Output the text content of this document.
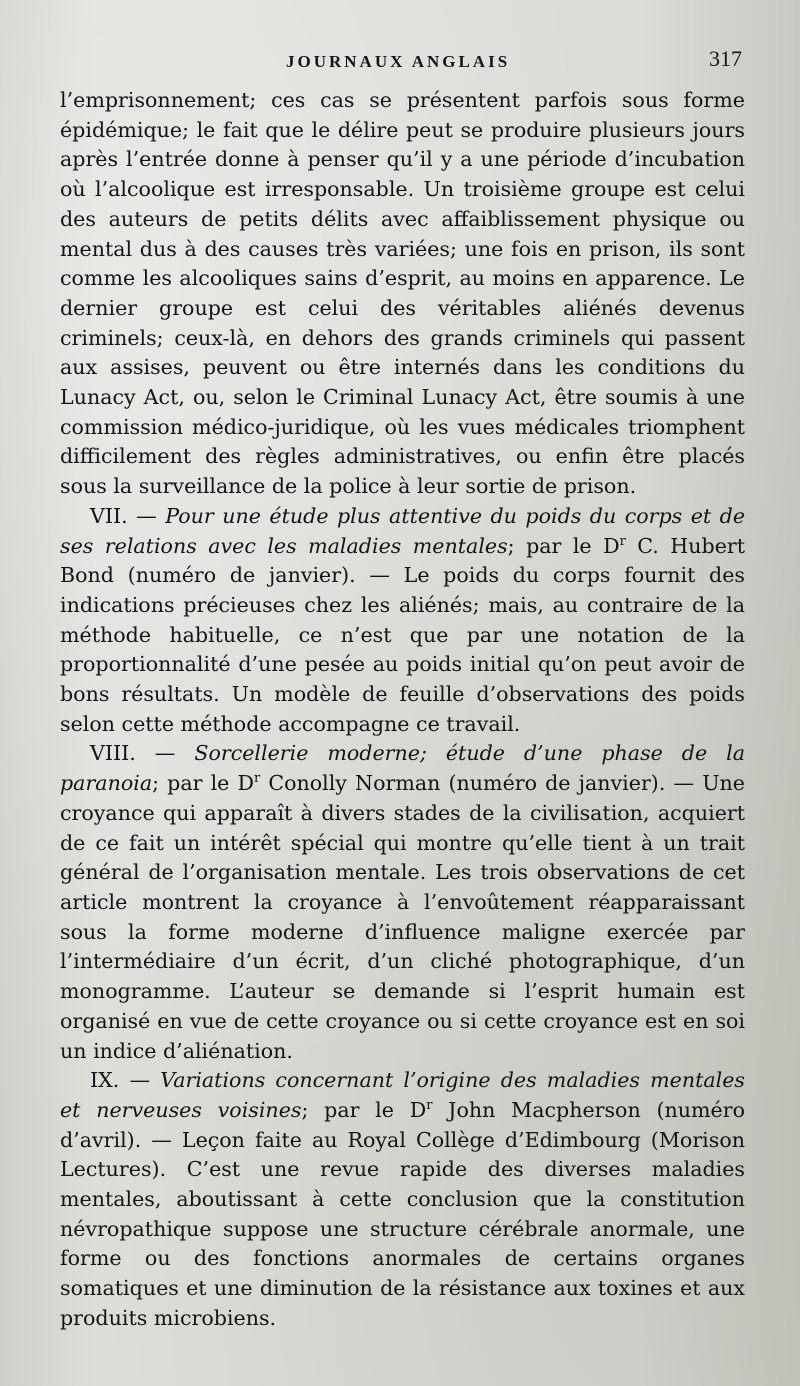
JOURNAUX ANGLAIS	317

l’emprisonnement; ces cas se présentent parfois sous forme épidémique; le fait que le délire peut se produire plusieurs jours après l’entrée donne à penser qu’il y a une période d’incubation où l’alcoolique est irresponsable. Un troisième groupe est celui des auteurs de petits délits avec affaiblissement physique ou mental dus à des causes très variées; une fois en prison, ils sont comme les alcooliques sains d’esprit, au moins en apparence. Le dernier groupe est celui des véritables aliénés devenus criminels; ceux-là, en dehors des grands criminels qui passent aux assises, peuvent ou être internés dans les conditions du Lunacy Act, ou, selon le Criminal Lunacy Act, être soumis à une commission médico-juridique, où les vues médicales triomphent difficilement des règles administratives, ou enfin être placés sous la surveillance de la police à leur sortie de prison.

VII. — Pour une étude plus attentive du poids du corps et de ses relations avec les maladies mentales; par le $D^r$ C. Hubert Bond (numéro de janvier). — Le poids du corps fournit des indications précieuses chez les aliénés; mais, au contraire de la méthode habituelle, ce n’est que par une notation de la proportionnalité d’une pesée au poids initial qu’on peut avoir de bons résultats. Un modèle de feuille d’observations des poids selon cette méthode accompagne ce travail.

VIII. — Sorcellerie moderne; étude d’une phase de la paranoia; par le $D^r$ Conolly Norman (numéro de janvier). — Une croyance qui apparaît à divers stades de la civilisation, acquiert de ce fait un intérêt spécial qui montre qu’elle tient à un trait général de l’organisation mentale. Les trois observations de cet article montrent la croyance à l’envoûtement réapparaissant sous la forme moderne d’influence maligne exercée par l’intermédiaire d’un écrit, d’un cliché photographique, d’un monogramme. L’auteur se demande si l’esprit humain est organisé en vue de cette croyance ou si cette croyance est en soi un indice d’aliénation.

IX. — Variations concernant l’origine des maladies mentales et nerveuses voisines; par le $D^r$ John Macpherson (numéro d’avril). — Leçon faite au Royal Collège d’Edimbourg (Morison Lectures). C’est une revue rapide des diverses maladies mentales, aboutissant à cette conclusion que la constitution névropathique suppose une structure cérébrale anormale, une forme ou des fonctions anormales de certains organes somatiques et une diminution de la résistance aux toxines et aux produits microbiens.
